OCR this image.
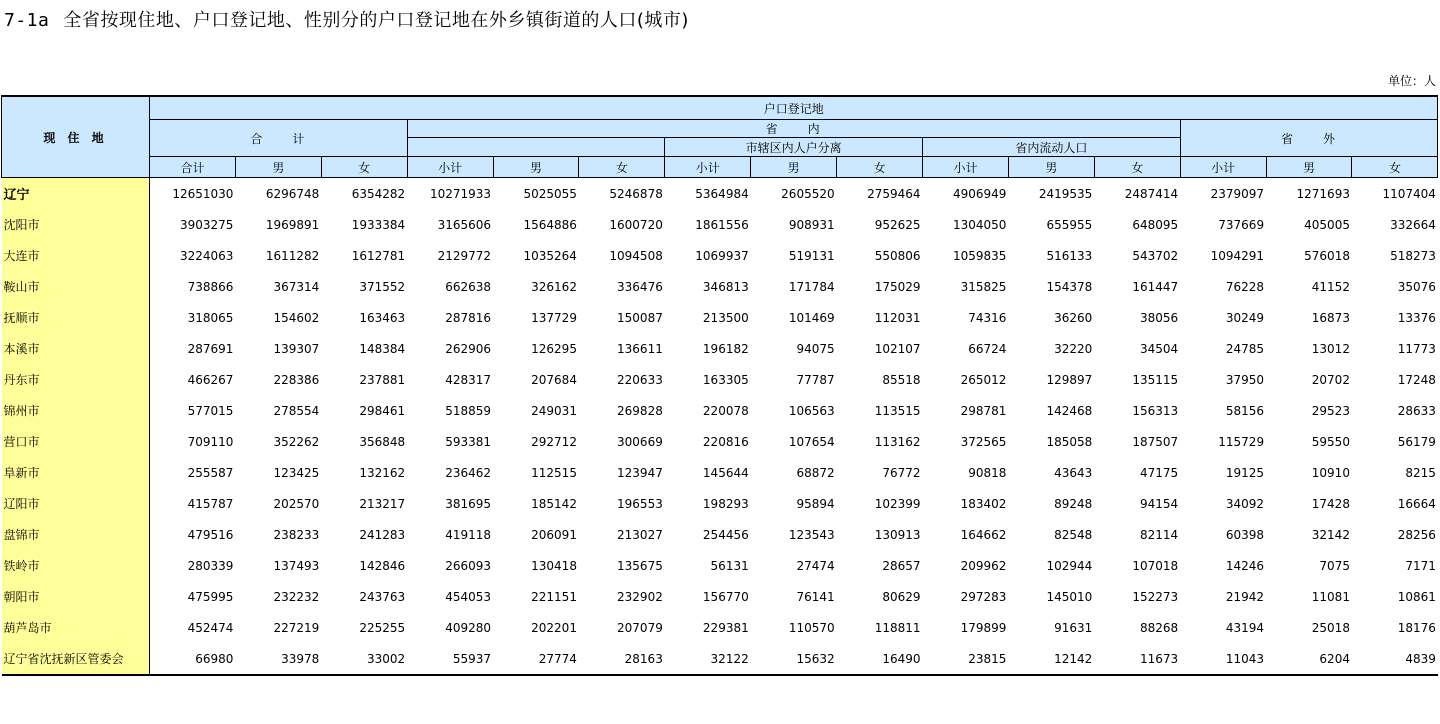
7-1a 全省按现住地、户口登记地、性别分的户口登记地在外乡镇街道的人口(城市)
单位：人
现 住 地	户口登记地														
	合　　计			省　　内									省　　外		
							市辖区内人户分离			省内流动人口					
	合计	男	女	小计	男	女	小计	男	女	小计	男	女	小计	男	女
辽宁	12651030	6296748	6354282	10271933	5025055	5246878	5364984	2605520	2759464	4906949	2419535	2487414	2379097	1271693	1107404
沈阳市	3903275	1969891	1933384	3165606	1564886	1600720	1861556	908931	952625	1304050	655955	648095	737669	405005	332664
大连市	3224063	1611282	1612781	2129772	1035264	1094508	1069937	519131	550806	1059835	516133	543702	1094291	576018	518273
鞍山市	738866	367314	371552	662638	326162	336476	346813	171784	175029	315825	154378	161447	76228	41152	35076
抚顺市	318065	154602	163463	287816	137729	150087	213500	101469	112031	74316	36260	38056	30249	16873	13376
本溪市	287691	139307	148384	262906	126295	136611	196182	94075	102107	66724	32220	34504	24785	13012	11773
丹东市	466267	228386	237881	428317	207684	220633	163305	77787	85518	265012	129897	135115	37950	20702	17248
锦州市	577015	278554	298461	518859	249031	269828	220078	106563	113515	298781	142468	156313	58156	29523	28633
营口市	709110	352262	356848	593381	292712	300669	220816	107654	113162	372565	185058	187507	115729	59550	56179
阜新市	255587	123425	132162	236462	112515	123947	145644	68872	76772	90818	43643	47175	19125	10910	8215
辽阳市	415787	202570	213217	381695	185142	196553	198293	95894	102399	183402	89248	94154	34092	17428	16664
盘锦市	479516	238233	241283	419118	206091	213027	254456	123543	130913	164662	82548	82114	60398	32142	28256
铁岭市	280339	137493	142846	266093	130418	135675	56131	27474	28657	209962	102944	107018	14246	7075	7171
朝阳市	475995	232232	243763	454053	221151	232902	156770	76141	80629	297283	145010	152273	21942	11081	10861
葫芦岛市	452474	227219	225255	409280	202201	207079	229381	110570	118811	179899	91631	88268	43194	25018	18176
辽宁省沈抚新区管委会	66980	33978	33002	55937	27774	28163	32122	15632	16490	23815	12142	11673	11043	6204	4839
